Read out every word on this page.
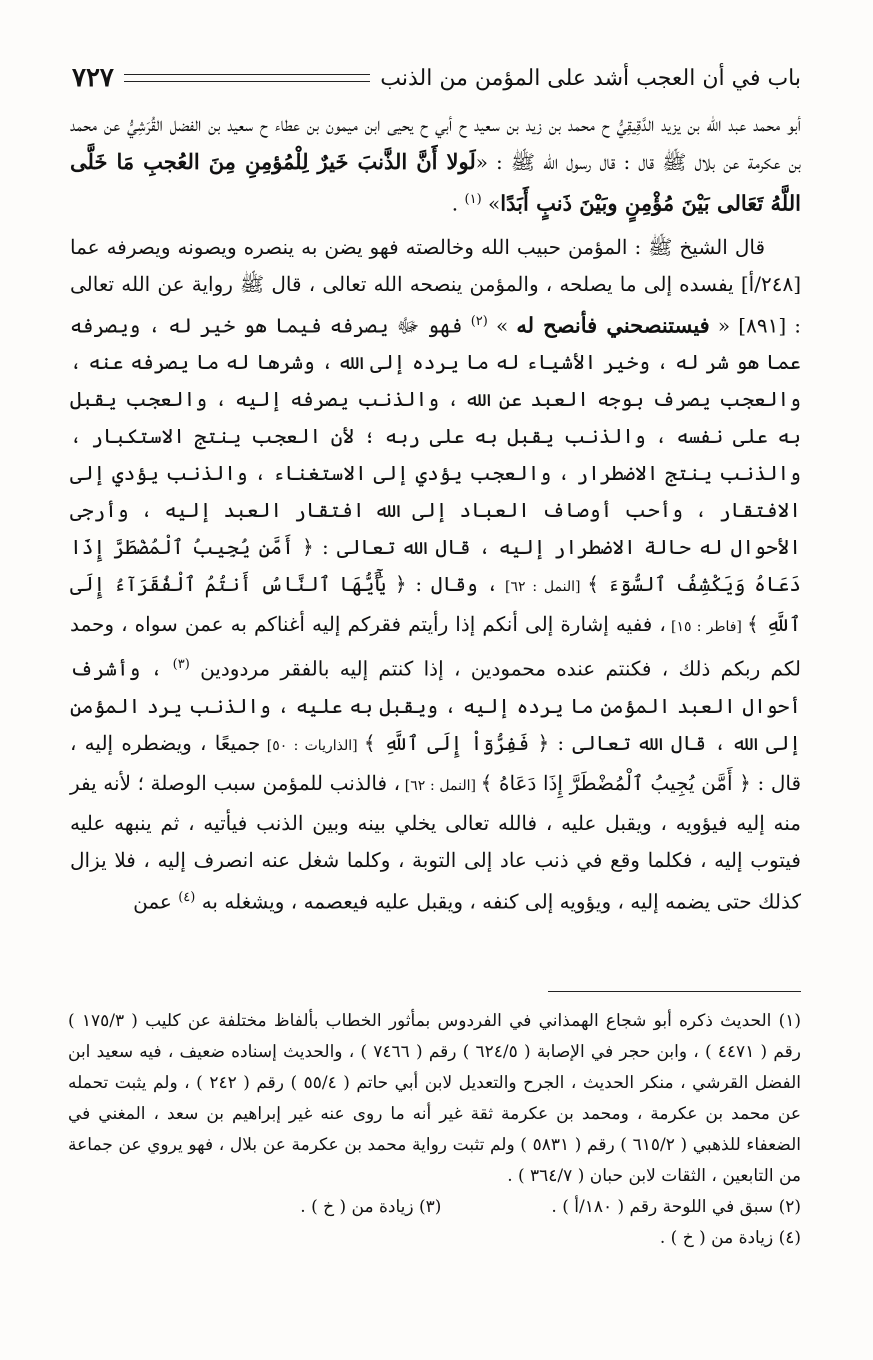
باب في أن العجب أشد على المؤمن من الذنب
٧٢٧

أبو محمد عبد الله بن يزيد الدَّقِيقِيُّ ح محمد بن زيد بن سعيد ح أبي ح يحيى ابن ميمون بن عطاء ح سعيد بن الفضل القُرَشِيُّ عن محمد بن عكرمة عن بلال ﷺ قال : قال رسول الله ﷺ : «لَولا أَنَّ الذَّنبَ خَيرٌ لِلْمُؤمِنِ مِنَ العُجبِ مَا خَلَّى اللَّهُ تَعَالى بَيْنَ مُؤْمِنٍ وبَيْنَ ذَنبٍ أَبَدًا» $^{(١)}$ .

قال الشيخ ﷺ : المؤمن حبيب الله وخالصته فهو يضن به ينصره ويصونه ويصرفه عما [٢٤٨/أ] يفسده إلى ما يصلحه ، والمؤمن ينصحه الله تعالى ، قال ﷺ رواية عن الله تعالى : [٨٩١] « فيستنصحني فأنصح له » $^{(٢)}$ فهو ﷻ يصرفه فيما هو خير له ، ويصرفه عما هو شر له ، وخير الأشياء له ما يرده إلى الله ، وشرها له ما يصرفه عنه ، والعجب يصرف بوجه العبد عن الله ، والذنب يصرفه إليه ، والعجب يقبل به على نفسه ، والذنب يقبل به على ربه ؛ لأن العجب ينتج الاستكبار ، والذنب ينتج الاضطرار ، والعجب يؤدي إلى الاستغناء ، والذنب يؤدي إلى الافتقار ، وأحب أوصاف العباد إلى الله افتقار العبد إليه ، وأرجى الأحوال له حالة الاضطرار إليه ، قال الله تعالى : ﴿ أَمَّن يُجِيبُ ٱلْمُضْطَرَّ إِذَا دَعَاهُ وَيَكْشِفُ ٱلسُّوٓءَ ﴾ [النمل : ٦٢] ، وقال : ﴿ يَٰٓأَيُّهَا ٱلنَّاسُ أَنتُمُ ٱلْفُقَرَآءُ إِلَى ٱللَّهِ ﴾ [فاطر : ١٥] ، ففيه إشارة إلى أنكم إذا رأيتم فقركم إليه أغناكم به عمن سواه ، وحمد لكم ربكم ذلك ، فكنتم عنده محمودين ، إذا كنتم إليه بالفقر مردودين $^{(٣)}$ ، وأشرف أحوال العبد المؤمن ما يرده إليه ، ويقبل به عليه ، والذنب يرد المؤمن إلى الله ، قال الله تعالى : ﴿ فَفِرُّوٓاْ إِلَى ٱللَّهِ ﴾ [الذاريات : ٥٠] جميعًا ، ويضطره إليه ، قال : ﴿ أَمَّن يُجِيبُ ٱلْمُضْطَرَّ إِذَا دَعَاهُ ﴾ [النمل : ٦٢] ، فالذنب للمؤمن سبب الوصلة ؛ لأنه يفر منه إليه فيؤويه ، ويقبل عليه ، فالله تعالى يخلي بينه وبين الذنب فيأتيه ، ثم ينبهه عليه فيتوب إليه ، فكلما وقع في ذنب عاد إلى التوبة ، وكلما شغل عنه انصرف إليه ، فلا يزال كذلك حتى يضمه إليه ، ويؤويه إلى كنفه ، ويقبل عليه فيعصمه ، ويشغله به $^{(٤)}$ عمن

(١) الحديث ذكره أبو شجاع الهمذاني في الفردوس بمأثور الخطاب بألفاظ مختلفة عن كليب ( ١٧٥/٣ ) رقم ( ٤٤٧١ ) ، وابن حجر في الإصابة ( ٦٢٤/٥ ) رقم ( ٧٤٦٦ ) ، والحديث إسناده ضعيف ، فيه سعيد ابن الفضل القرشي ، منكر الحديث ، الجرح والتعديل لابن أبي حاتم ( ٥٥/٤ ) رقم ( ٢٤٢ ) ، ولم يثبت تحمله عن محمد بن عكرمة ، ومحمد بن عكرمة ثقة غير أنه ما روى عنه غير إبراهيم بن سعد ، المغني في الضعفاء للذهبي ( ٦١٥/٢ ) رقم ( ٥٨٣١ ) ولم تثبت رواية محمد بن عكرمة عن بلال ، فهو يروي عن جماعة من التابعين ، الثقات لابن حبان ( ٣٦٤/٧ ) .

(٢) سبق في اللوحة رقم ( ١٨٠/أ ) .
(٣) زيادة من ( خ ) .

(٤) زيادة من ( خ ) .
